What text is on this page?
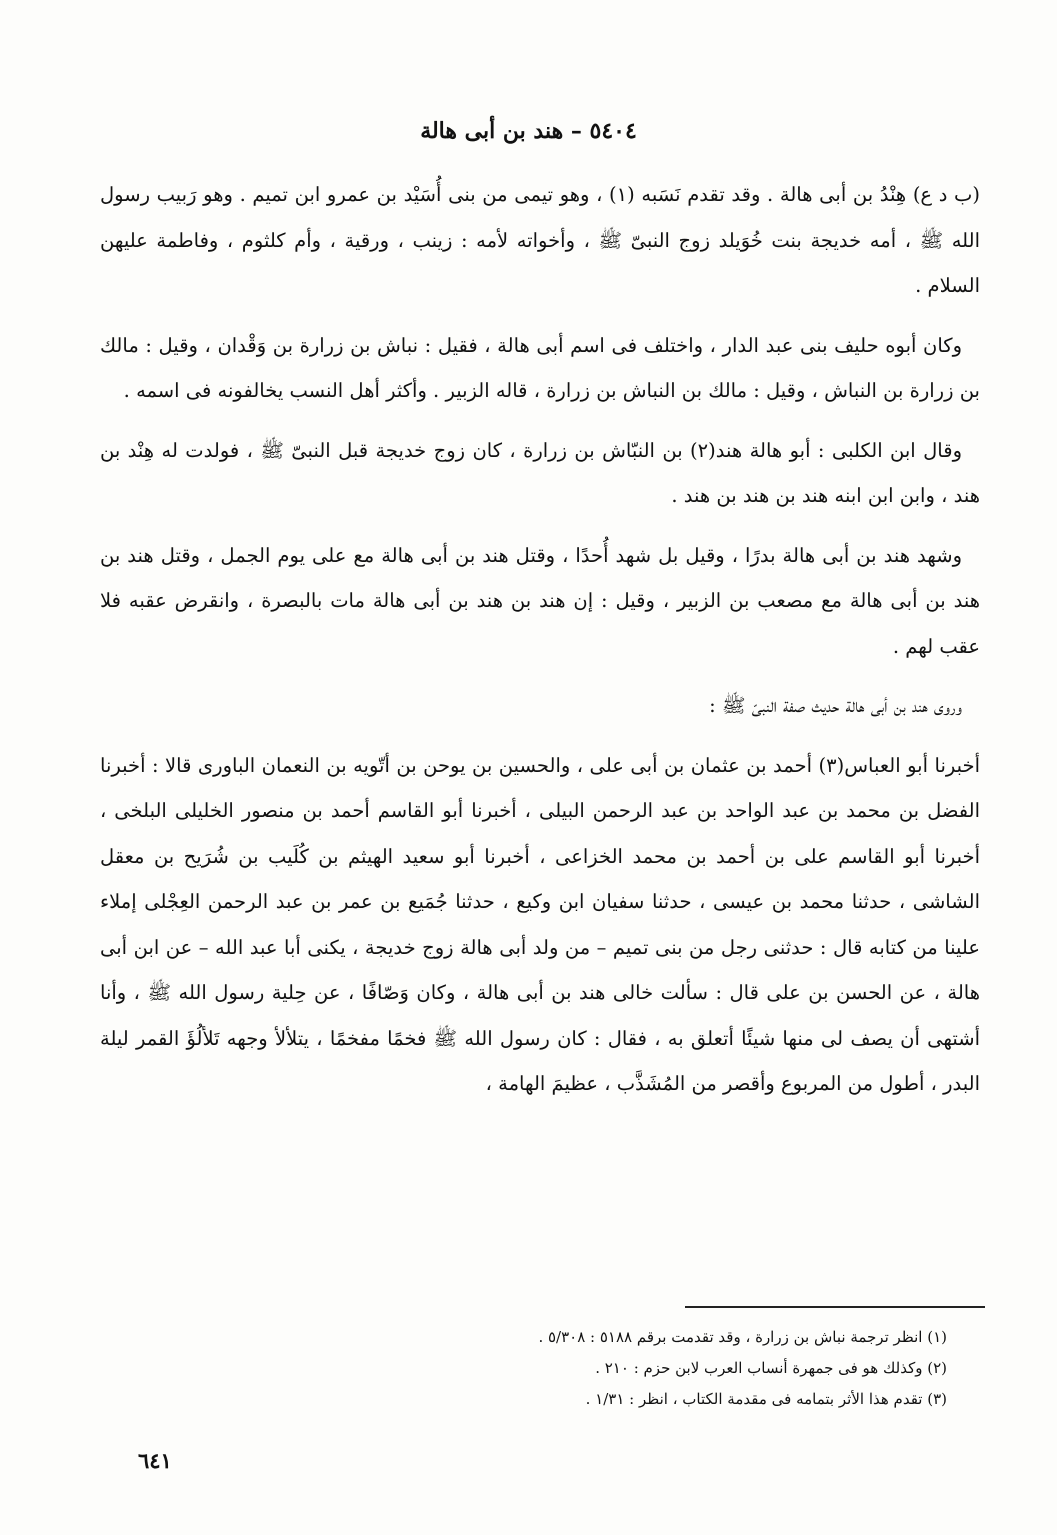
٥٤٠٤ – هند بن أبى هالة

(ب د ع) هِنْدُ بن أبى هالة . وقد تقدم نَسَبه (١) ، وهو تيمى من بنى أُسَيْد بن عمرو ابن تميم . وهو رَبيب رسول الله ﷺ ، أمه خديجة بنت خُوَيلد زوج النبىّ ﷺ ، وأخواته لأمه : زينب ، ورقية ، وأم كلثوم ، وفاطمة عليهن السلام .

وكان أبوه حليف بنى عبد الدار ، واختلف فى اسم أبى هالة ، فقيل : نباش بن زرارة بن وَقْدان ، وقيل : مالك بن زرارة بن النباش ، وقيل : مالك بن النباش بن زرارة ، قاله الزبير . وأكثر أهل النسب يخالفونه فى اسمه .

وقال ابن الكلبى : أبو هالة هند(٢) بن النبّاش بن زرارة ، كان زوج خديجة قبل النبىّ ﷺ ، فولدت له هِنْد بن هند ، وابن ابن ابنه هند بن هند بن هند .

وشهد هند بن أبى هالة بدرًا ، وقيل بل شهد أُحدًا ، وقتل هند بن أبى هالة مع على يوم الجمل ، وقتل هند بن هند بن أبى هالة مع مصعب بن الزبير ، وقيل : إن هند بن هند بن أبى هالة مات بالبصرة ، وانقرض عقبه فلا عقب لهم .

وروى هند بن أبى هالة حديث صفة النبىّ ﷺ :

أخبرنا أبو العباس(٣) أحمد بن عثمان بن أبى على ، والحسين بن يوحن بن أتّويه بن النعمان الباورى قالا : أخبرنا الفضل بن محمد بن عبد الواحد بن عبد الرحمن البيلى ، أخبرنا أبو القاسم أحمد بن منصور الخليلى البلخى ، أخبرنا أبو القاسم على بن أحمد بن محمد الخزاعى ، أخبرنا أبو سعيد الهيثم بن كُلَيب بن شُرَيح بن معقل الشاشى ، حدثنا محمد بن عيسى ، حدثنا سفيان ابن وكيع ، حدثنا جُمَيع بن عمر بن عبد الرحمن العِجْلى إملاء علينا من كتابه قال : حدثنى رجل من بنى تميم – من ولد أبى هالة زوج خديجة ، يكنى أبا عبد الله – عن ابن أبى هالة ، عن الحسن بن على قال : سألت خالى هند بن أبى هالة ، وكان وَصّافًا ، عن حِلية رسول الله ﷺ ، وأنا أشتهى أن يصف لى منها شيئًا أتعلق به ، فقال : كان رسول الله ﷺ فخمًا مفخمًا ، يتلألأ وجهه تَلألُؤَ القمر ليلة البدر ، أطول من المربوع وأقصر من المُشَذَّب ، عظيمَ الهامة ،

(١) انظر ترجمة نباش بن زرارة ، وقد تقدمت برقم ٥١٨٨ : ٥/٣٠٨ .

(٢) وكذلك هو فى جمهرة أنساب العرب لابن حزم : ٢١٠ .

(٣) تقدم هذا الأثر بتمامه فى مقدمة الكتاب ، انظر : ١/٣١ .

٦٤١
